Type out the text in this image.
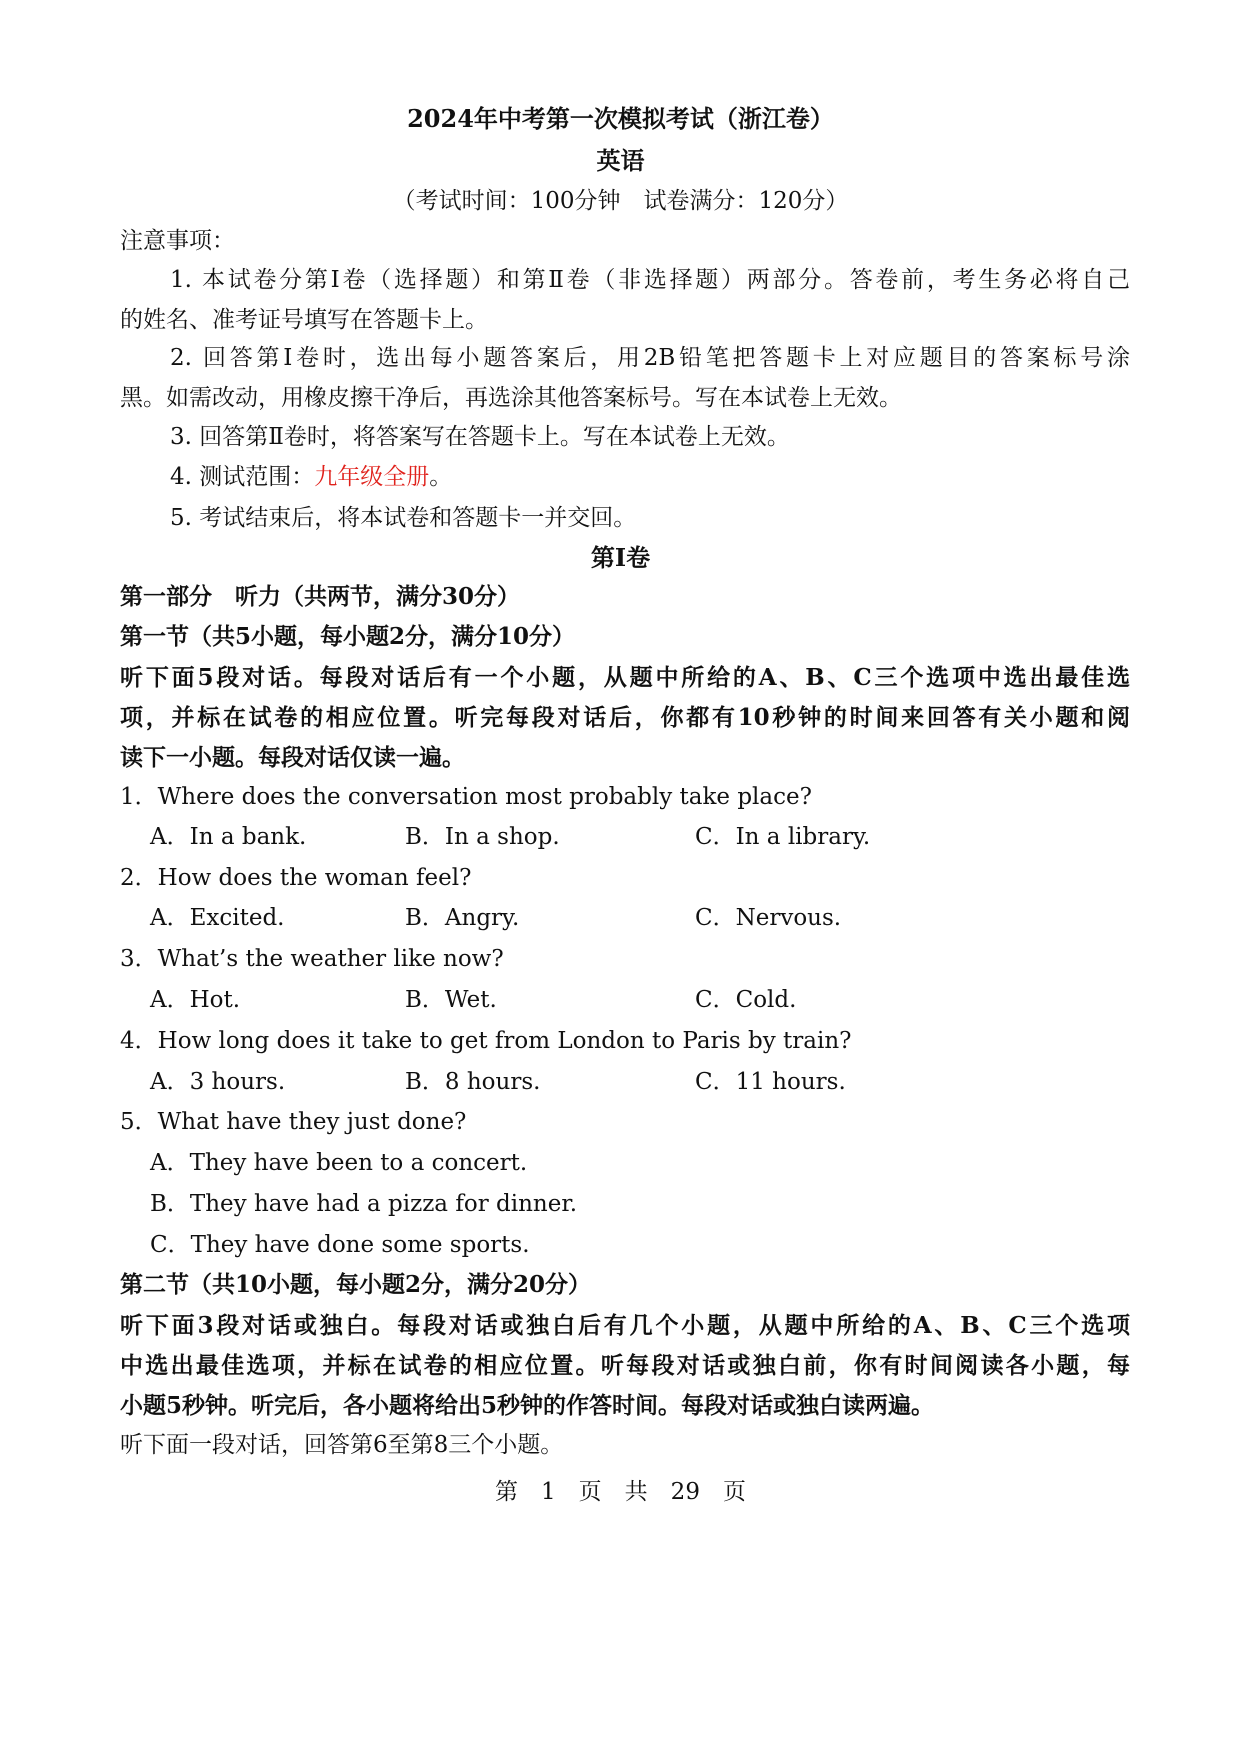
2024年中考第一次模拟考试（浙江卷）
英语
（考试时间：100分钟　试卷满分：120分）
注意事项：
1. 本试卷分第Ⅰ卷（选择题）和第Ⅱ卷（非选择题）两部分。答卷前，考生务必将自己
的姓名、准考证号填写在答题卡上。
2. 回答第Ⅰ卷时，选出每小题答案后，用2B铅笔把答题卡上对应题目的答案标号涂
黑。如需改动，用橡皮擦干净后，再选涂其他答案标号。写在本试卷上无效。
3. 回答第Ⅱ卷时，将答案写在答题卡上。写在本试卷上无效。
4. 测试范围：九年级全册。
5. 考试结束后，将本试卷和答题卡一并交回。
第Ⅰ卷
第一部分　听力（共两节，满分30分）
第一节（共5小题，每小题2分，满分10分）
听下面5段对话。每段对话后有一个小题，从题中所给的A、B、C三个选项中选出最佳选
项，并标在试卷的相应位置。听完每段对话后，你都有10秒钟的时间来回答有关小题和阅
读下一小题。每段对话仅读一遍。
1．Where does the conversation most probably take place?
A．In a bank.	B．In a shop.	C．In a library.
2．How does the woman feel?
A．Excited.	B．Angry.	C．Nervous.
3．What’s the weather like now?
A．Hot.	B．Wet.	C．Cold.
4．How long does it take to get from London to Paris by train?
A．3 hours.	B．8 hours.	C．11 hours.
5．What have they just done?
A．They have been to a concert.
B．They have had a pizza for dinner.
C．They have done some sports.
第二节（共10小题，每小题2分，满分20分）
听下面3段对话或独白。每段对话或独白后有几个小题，从题中所给的A、B、C三个选项
中选出最佳选项，并标在试卷的相应位置。听每段对话或独白前，你有时间阅读各小题，每
小题5秒钟。听完后，各小题将给出5秒钟的作答时间。每段对话或独白读两遍。
听下面一段对话，回答第6至第8三个小题。
第　1　页　共　29　页
